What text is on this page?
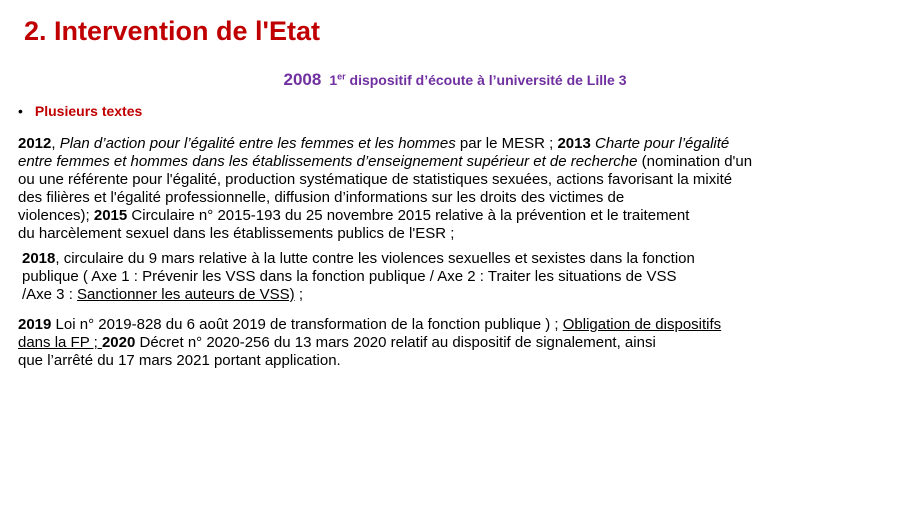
2. Intervention de l'Etat
2008 1er dispositif d’écoute à l’université de Lille 3
• Plusieurs textes
2012, Plan d’action pour l’égalité entre les femmes et les hommes par le MESR ; 2013 Charte pour l’égalité
entre femmes et hommes dans les établissements d’enseignement supérieur et de recherche (nomination d'un
ou une référente pour l'égalité, production systématique de statistiques sexuées, actions favorisant la mixité
des filières et l'égalité professionnelle, diffusion d’informations sur les droits des victimes de
violences); 2015 Circulaire n° 2015-193 du 25 novembre 2015 relative à la prévention et le traitement
du harcèlement sexuel dans les établissements publics de l'ESR ;
2018, circulaire du 9 mars relative à la lutte contre les violences sexuelles et sexistes dans la fonction
publique ( Axe 1 : Prévenir les VSS dans la fonction publique / Axe 2 : Traiter les situations de VSS
/Axe 3 : Sanctionner les auteurs de VSS) ;
2019 Loi n° 2019-828 du 6 août 2019 de transformation de la fonction publique ) ; Obligation de dispositifs
dans la FP ; 2020 Décret n° 2020-256 du 13 mars 2020 relatif au dispositif de signalement, ainsi
que l’arrêté du 17 mars 2021 portant application.
